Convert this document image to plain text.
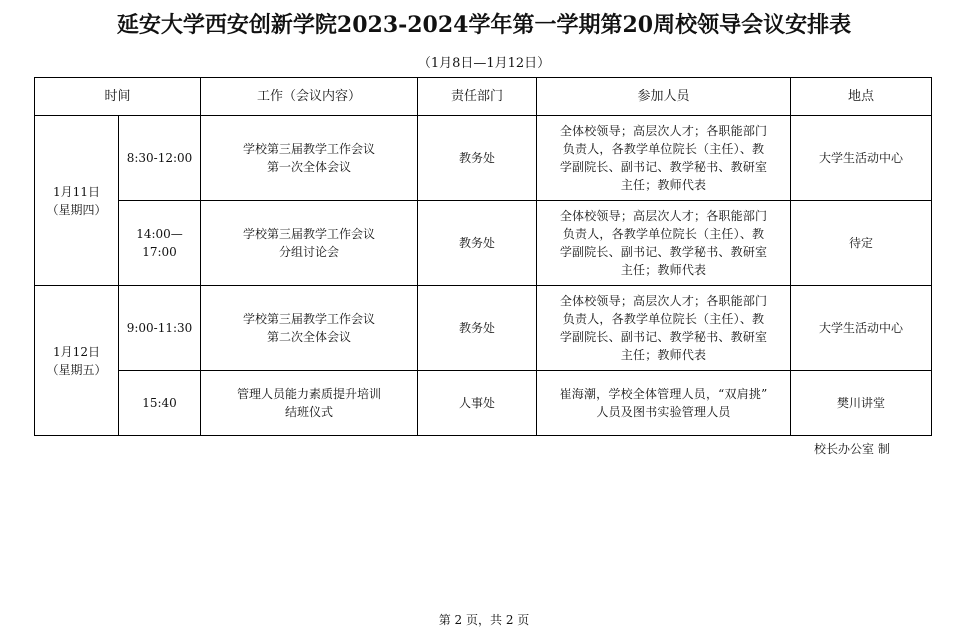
延安大学西安创新学院2023-2024学年第一学期第20周校领导会议安排表
（1月8日—1月12日）
时间		工作（会议内容）	责任部门	参加人员	地点

1月11日
（星期四）	8:30-12:00	学校第三届教学工作会议
第一次全体会议	教务处	全体校领导；高层次人才；各职能部门
负责人，各教学单位院长（主任）、教
学副院长、副书记、教学秘书、教研室
主任；教师代表	大学生活动中心
	14:00—17:00	学校第三届教学工作会议
分组讨论会	教务处	全体校领导；高层次人才；各职能部门
负责人，各教学单位院长（主任）、教
学副院长、副书记、教学秘书、教研室
主任；教师代表	待定

1月12日
（星期五）	9:00-11:30	学校第三届教学工作会议
第二次全体会议	教务处	全体校领导；高层次人才；各职能部门
负责人，各教学单位院长（主任）、教
学副院长、副书记、教学秘书、教研室
主任；教师代表	大学生活动中心
	15:40	管理人员能力素质提升培训
结班仪式	人事处	崔海潮，学校全体管理人员，“双肩挑”
人员及图书实验管理人员	樊川讲堂
校长办公室 制
第 2 页，共 2 页
